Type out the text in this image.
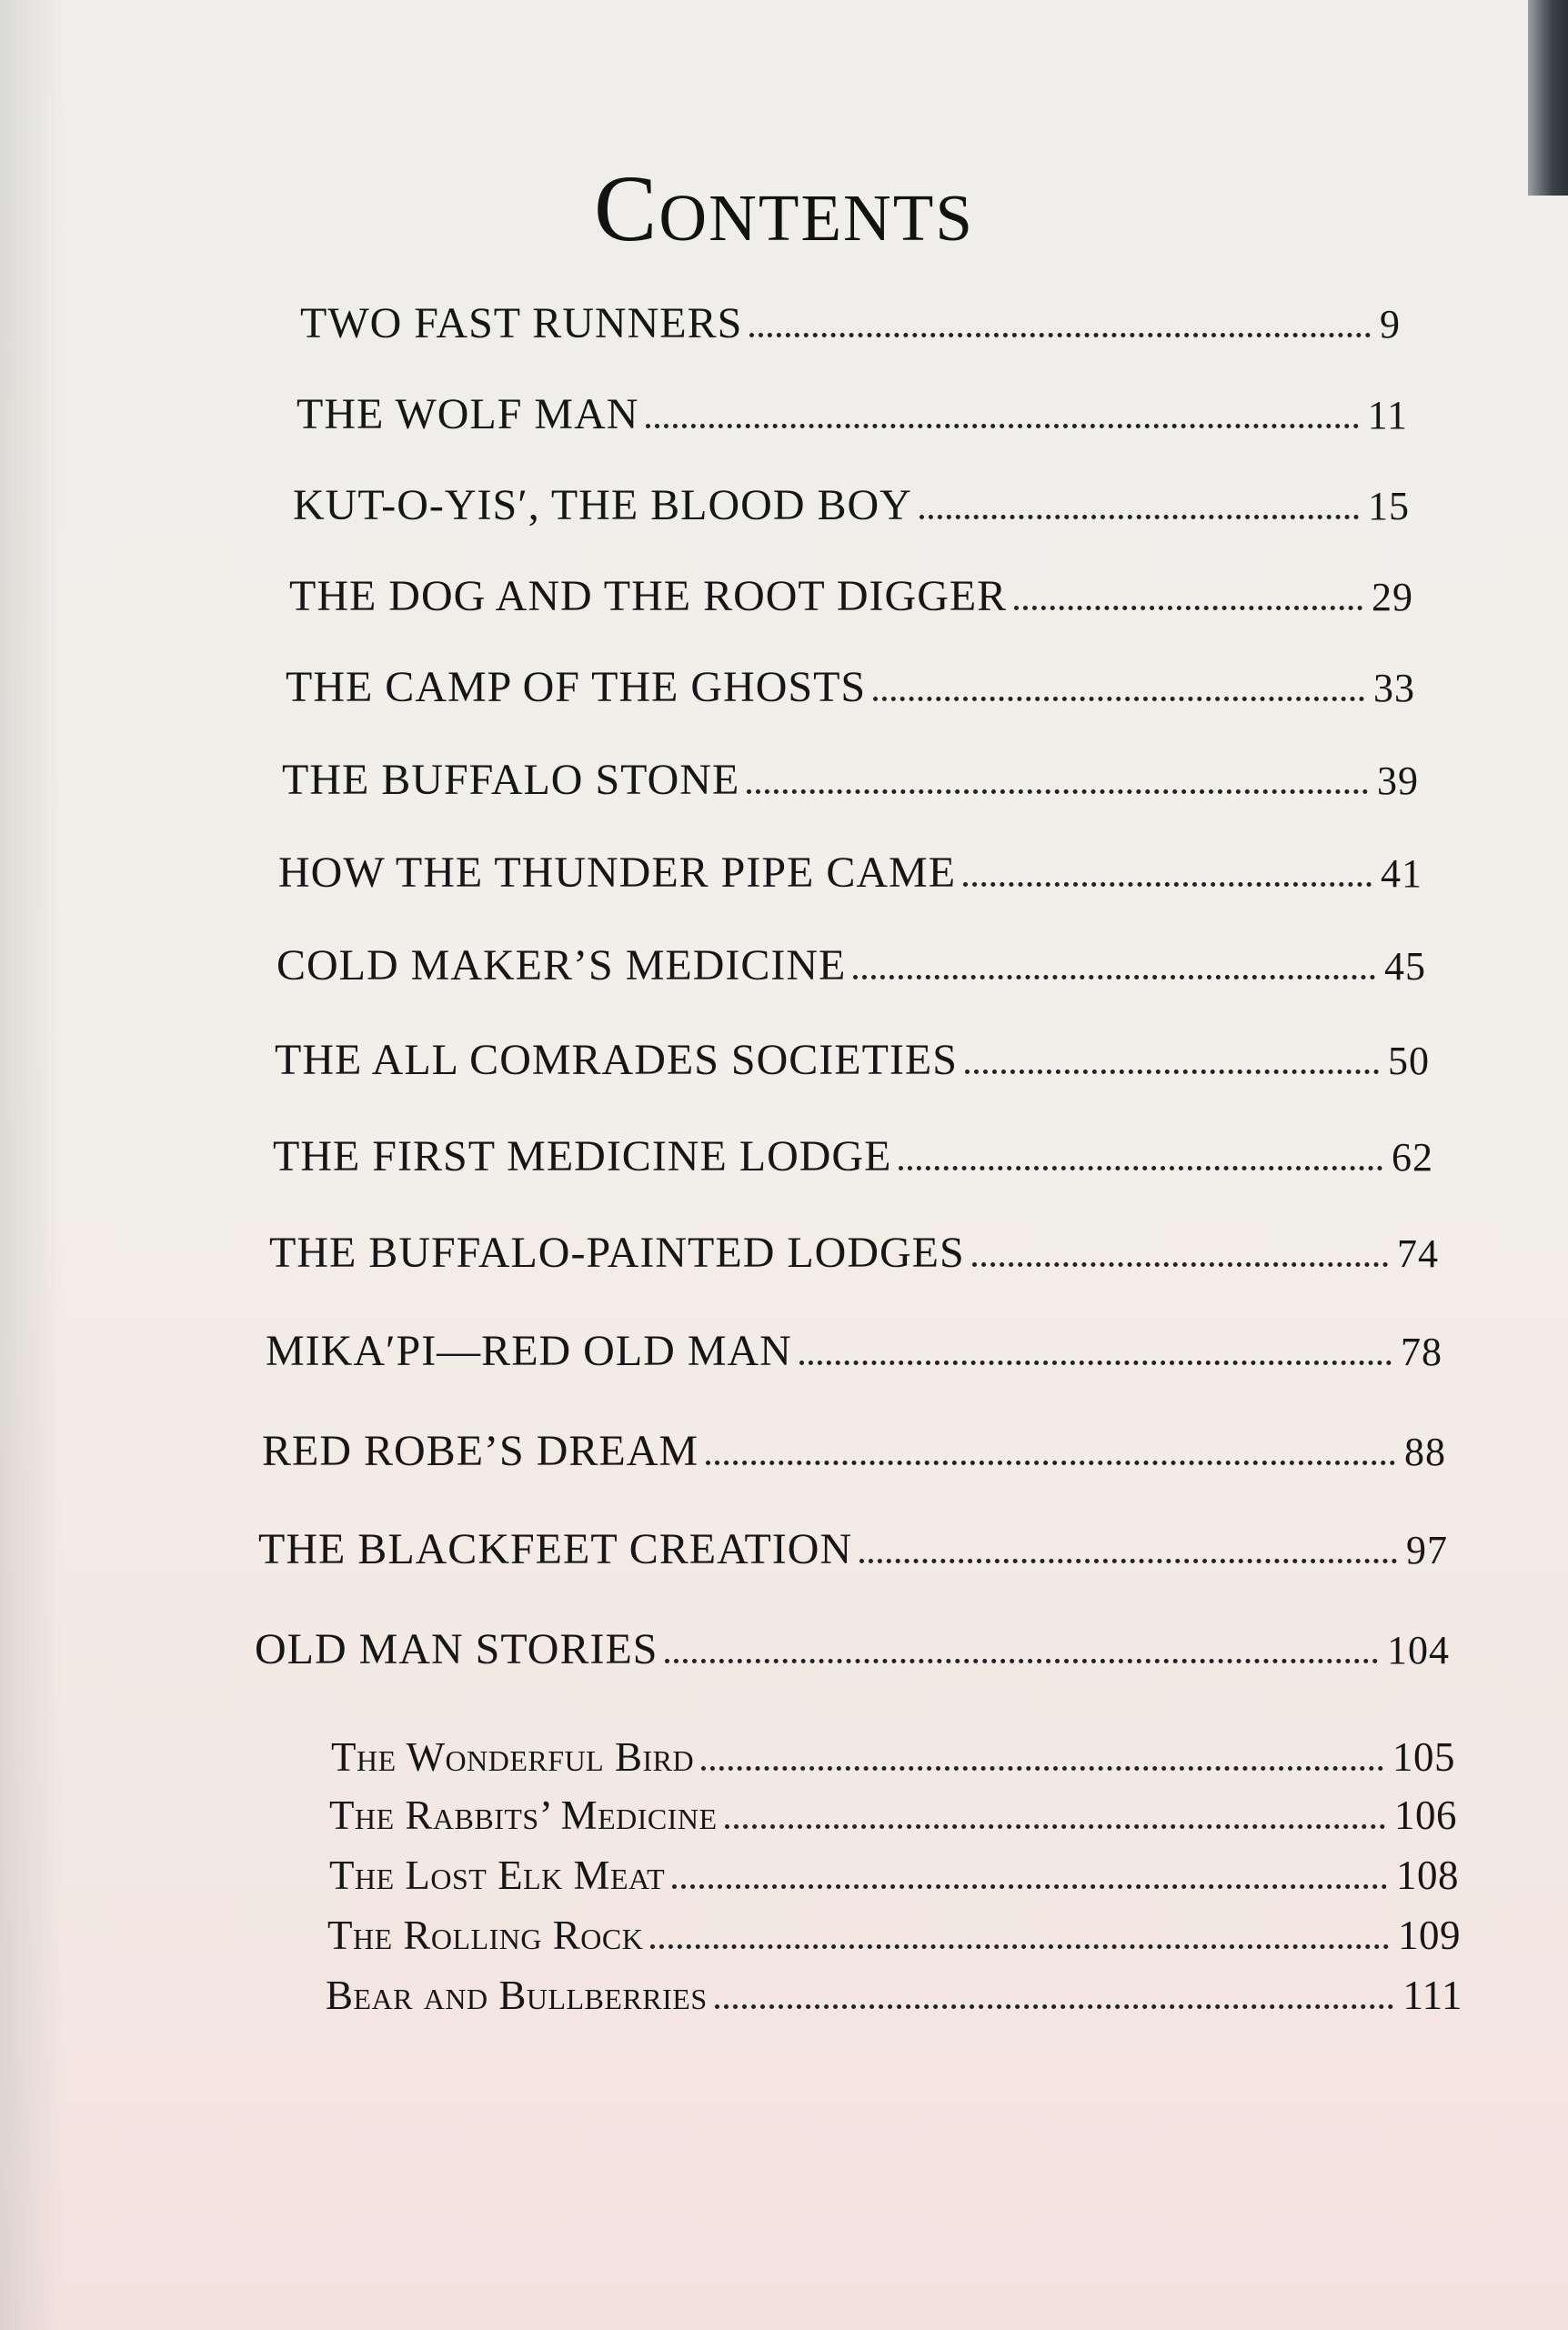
Contents
TWO FAST RUNNERS	9
THE WOLF MAN	11
KUT-O-YIS′, THE BLOOD BOY	15
THE DOG AND THE ROOT DIGGER	29
THE CAMP OF THE GHOSTS	33
THE BUFFALO STONE	39
HOW THE THUNDER PIPE CAME	41
COLD MAKER’S MEDICINE	45
THE ALL COMRADES SOCIETIES	50
THE FIRST MEDICINE LODGE	62
THE BUFFALO-PAINTED LODGES	74
MIKA′PI—RED OLD MAN	78
RED ROBE’S DREAM	88
THE BLACKFEET CREATION	97
OLD MAN STORIES	104
The Wonderful Bird	105
The Rabbits’ Medicine	106
The Lost Elk Meat	108
The Rolling Rock	109
Bear and Bullberries	111
